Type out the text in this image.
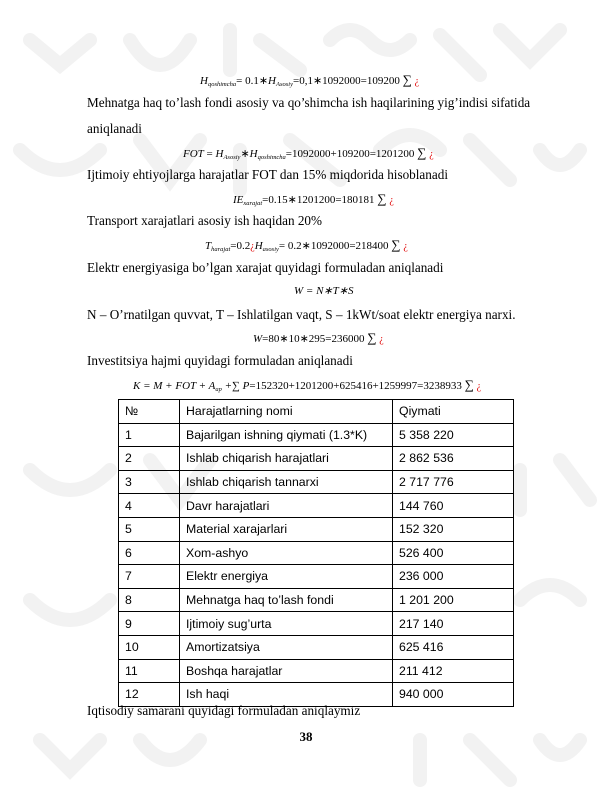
$H_{qoshimcha}=$ $0.1∗H_{Asosiy}=0,1∗1092000=109200$ ∑ ¿
Mehnatga haq to’lash fondi asosiy va qo’shimcha ish haqilarining yig’indisi sifatida
aniqlanadi
FOT = $H_{Asosiy}∗H_{qoshimcha}=1092000+109200=1201200$ ∑ ¿
Ijtimoiy ehtiyojlarga harajatlar FOT dan 15% miqdorida hisoblanadi
$IE_{xarajat}=0.15∗1201200=180181$ ∑ ¿
Transport xarajatlari asosiy ish haqidan 20%
$T_{harajat}=0.2¿H_{asosiy}=$ 0.2∗1092000=218400 ∑ ¿
Elektr energiyasiga bo’lgan xarajat quyidagi formuladan aniqlanadi
W = N∗T∗S
N – O’rnatilgan quvvat, T – Ishlatilgan vaqt, S – 1kWt/soat elektr energiya narxi.
W=80∗10∗295=236000 ∑ ¿
Investitsiya hajmi quyidagi formuladan aniqlanadi
K = M + FOT + $A_{ap}$ +∑ P=152320+1201200+625416+1259997=3238933 ∑ ¿
№	Harajatlarning nomi	Qiymati
1	Bajarilgan ishning qiymati (1.3*K)	5 358 220
2	Ishlab chiqarish harajatlari	2 862 536
3	Ishlab chiqarish tannarxi	2 717 776
4	Davr harajatlari	144 760
5	Material xarajarlari	152 320
6	Xom-ashyo	526 400
7	Elektr energiya	236 000
8	Mehnatga haq to’lash fondi	1 201 200
9	Ijtimoiy sug’urta	217 140
10	Amortizatsiya	625 416
11	Boshqa harajatlar	211 412
12	Ish haqi	940 000
Iqtisodiy samarani quyidagi formuladan aniqlaymiz
38
